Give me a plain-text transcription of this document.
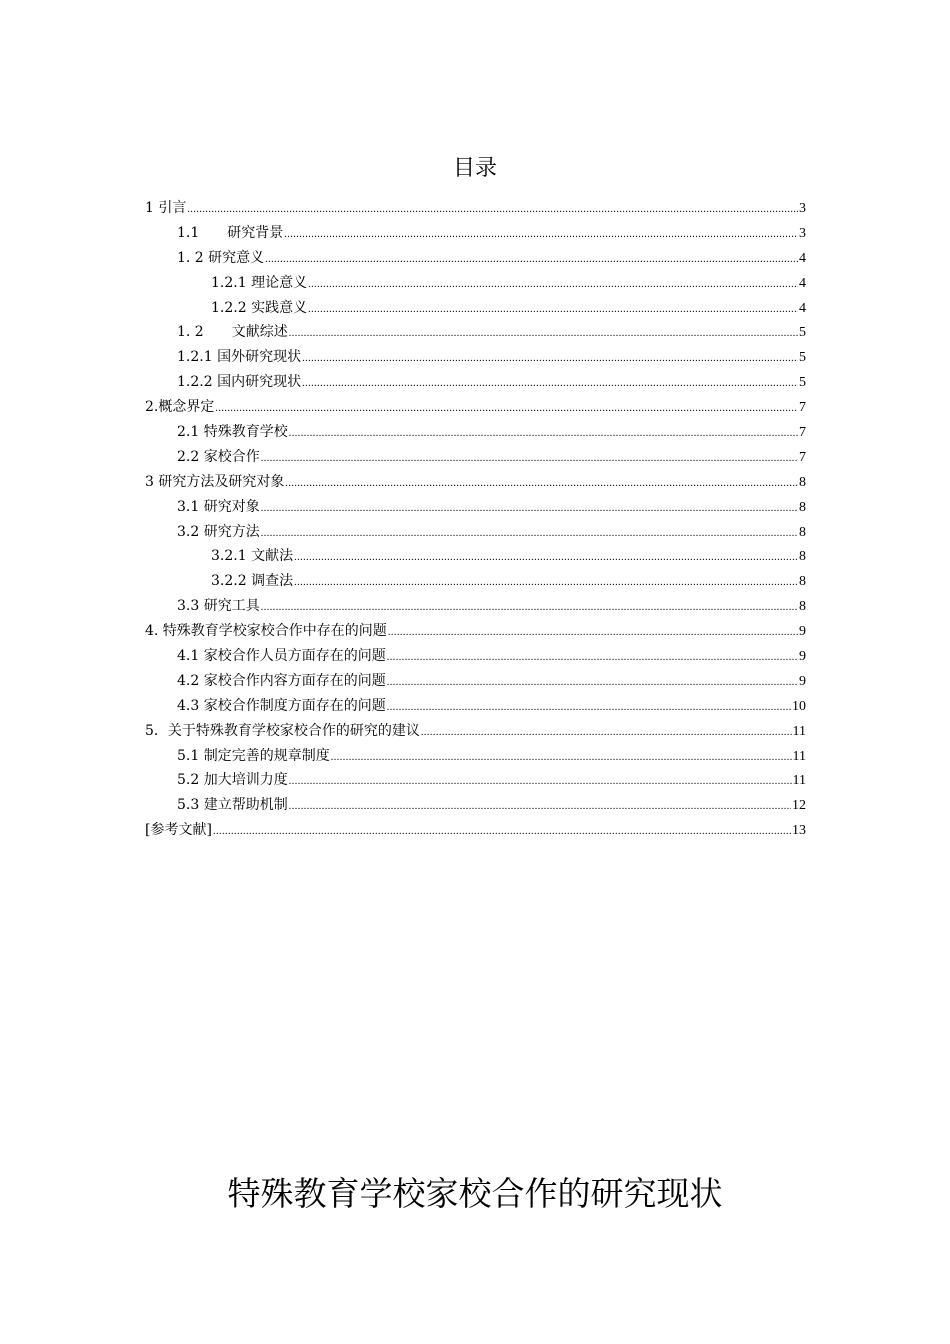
目录
1 引言 .....	3
1.1　　研究背景 .....	3
1. 2 研究意义 .....	4
1.2.1 理论意义 .....	4
1.2.2 实践意义 .....	4
1. 2　　文献综述 .....	5
1.2.1 国外研究现状 .....	5
1.2.2 国内研究现状 .....	5
2.概念界定 .....	7
2.1 特殊教育学校 .....	7
2.2 家校合作 .....	7
3 研究方法及研究对象 .....	8
3.1 研究对象 .....	8
3.2 研究方法 .....	8
3.2.1 文献法 .....	8
3.2.2 调查法 .....	8
3.3 研究工具 .....	8
4. 特殊教育学校家校合作中存在的问题 .....	9
4.1 家校合作人员方面存在的问题 .....	9
4.2 家校合作内容方面存在的问题 .....	9
4.3 家校合作制度方面存在的问题 .....	10
5．关于特殊教育学校家校合作的研究的建议 .....	11
5.1 制定完善的规章制度 .....	11
5.2 加大培训力度 .....	11
5.3 建立帮助机制 .....	12
[参考文献] .....	13
特殊教育学校家校合作的研究现状
